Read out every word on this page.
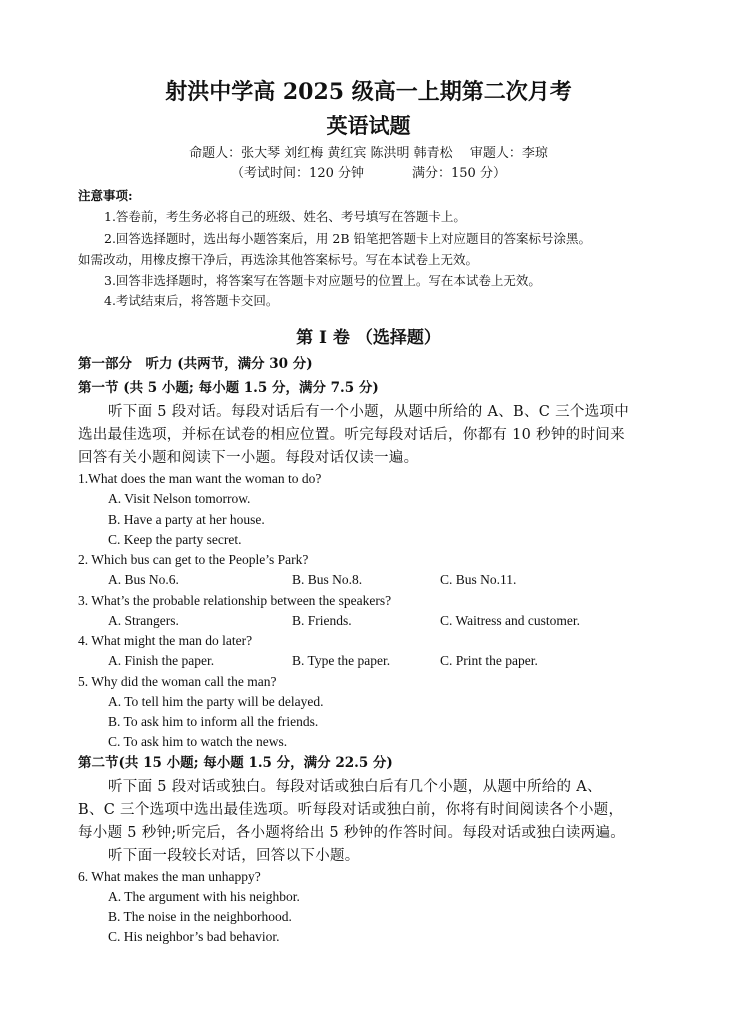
射洪中学高 2025 级高一上期第二次月考
英语试题
命题人：张大琴 刘红梅 黄红宾 陈洪明 韩青松　 审题人：李琼
（考试时间：120 分钟	满分：150 分）
注意事项:
1.答卷前，考生务必将自己的班级、姓名、考号填写在答题卡上。
2.回答选择题时，选出每小题答案后，用 2B 铅笔把答题卡上对应题目的答案标号涂黑。
如需改动，用橡皮擦干净后，再选涂其他答案标号。写在本试卷上无效。
3.回答非选择题时，将答案写在答题卡对应题号的位置上。写在本试卷上无效。
4.考试结束后，将答题卡交回。
第 I 卷 （选择题）
第一部分　听力 (共两节，满分 30 分)
第一节 (共 5 小题; 每小题 1.5 分，满分 7.5 分)
听下面 5 段对话。每段对话后有一个小题，从题中所给的 A、B、C 三个选项中
选出最佳选项，并标在试卷的相应位置。听完每段对话后，你都有 10 秒钟的时间来
回答有关小题和阅读下一小题。每段对话仅读一遍。
1.What does the man want the woman to do?
A. Visit Nelson tomorrow.
B. Have a party at her house.
C. Keep the party secret.
2. Which bus can get to the People’s Park?
A. Bus No.6.	B. Bus No.8.	C. Bus No.11.
3. What’s the probable relationship between the speakers?
A. Strangers.	B. Friends.	C. Waitress and customer.
4. What might the man do later?
A. Finish the paper.	B. Type the paper.	C. Print the paper.
5. Why did the woman call the man?
A. To tell him the party will be delayed.
B. To ask him to inform all the friends.
C. To ask him to watch the news.
第二节(共 15 小题; 每小题 1.5 分，满分 22.5 分)
听下面 5 段对话或独白。每段对话或独白后有几个小题，从题中所给的 A、
B、C 三个选项中选出最佳选项。听每段对话或独白前，你将有时间阅读各个小题，
每小题 5 秒钟;听完后，各小题将给出 5 秒钟的作答时间。每段对话或独白读两遍。
听下面一段较长对话，回答以下小题。
6. What makes the man unhappy?
A. The argument with his neighbor.
B. The noise in the neighborhood.
C. His neighbor’s bad behavior.
